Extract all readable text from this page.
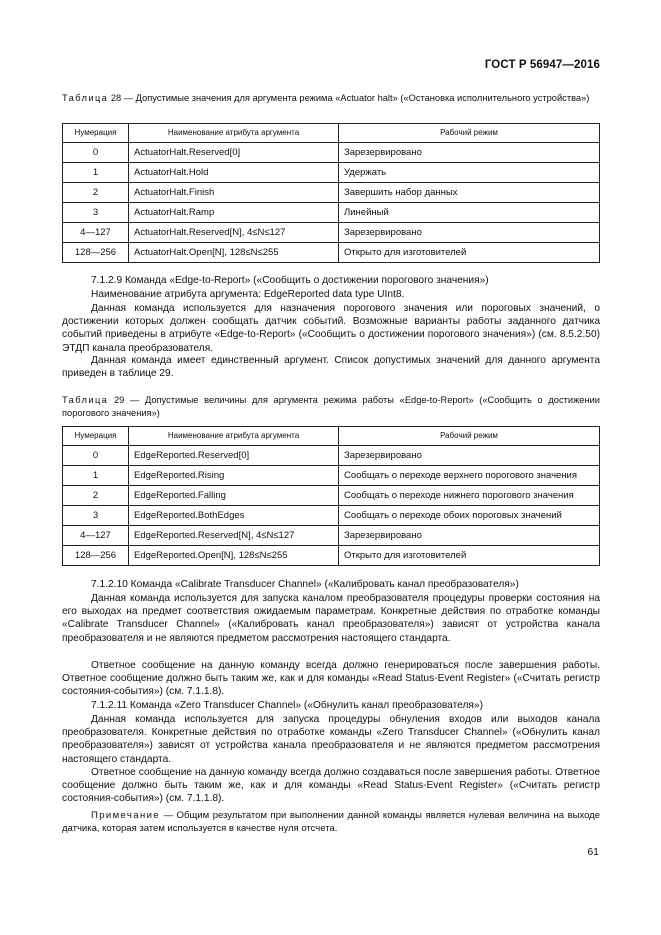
ГОСТ Р 56947—2016
Таблица 28 — Допустимые значения для аргумента режима «Actuator halt» («Остановка исполнительного устройства»)
Нумерация	Наименование атрибута аргумента	Рабочий режим
0	ActuatorHalt.Reserved[0]	Зарезервировано
1	ActuatorHalt.Hold	Удержать
2	ActuatorHalt.Finish	Завершить набор данных
3	ActuatorHalt.Ramp	Линейный
4—127	ActuatorHalt.Reserved[N], 4≤N≤127	Зарезервировано
128—256	ActuatorHalt.Open[N], 128≤N≤255	Открыто для изготовителей

7.1.2.9 Команда «Edge-to-Report» («Сообщить о достижении порогового значения»)

Наименование атрибута аргумента: EdgeReported data type UInt8.

Данная команда используется для назначения порогового значения или пороговых значений, о достижении которых должен сообщать датчик событий. Возможные варианты работы заданного датчика событий приведены в атрибуте «Edge-to-Report» («Сообщить о достижении порогового значения») (см. 8.5.2.50) ЭТДП канала преобразователя.

Данная команда имеет единственный аргумент. Список допустимых значений для данного аргумента приведен в таблице 29.

Таблица 29 — Допустимые величины для аргумента режима работы «Edge-to-Report» («Сообщить о достижении порогового значения»)
Нумерация	Наименование атрибута аргумента	Рабочий режим
0	EdgeReported.Reserved[0]	Зарезервировано
1	EdgeReported.Rising	Сообщать о переходе верхнего порогового значения
2	EdgeReported.Falling	Сообщать о переходе нижнего порогового значения
3	EdgeReported.BothEdges	Сообщать о переходе обоих пороговых значений
4—127	EdgeReported.Reserved[N], 4≤N≤127	Зарезервировано
128—256	EdgeReported.Open[N], 128≤N≤255	Открыто для изготовителей

7.1.2.10 Команда «Calibrate Transducer Channel» («Калибровать канал преобразователя»)

Данная команда используется для запуска каналом преобразователя процедуры проверки состояния на его выходах на предмет соответствия ожидаемым параметрам. Конкретные действия по отработке команды «Calibrate Transducer Channel» («Калибровать канал преобразователя») зависят от устройства канала преобразователя и не являются предметом рассмотрения настоящего стандарта.

Ответное сообщение на данную команду всегда должно генерироваться после завершения работы. Ответное сообщение должно быть таким же, как и для команды «Read Status-Event Register» («Считать регистр состояния-события») (см. 7.1.1.8).

7.1.2.11 Команда «Zero Transducer Channel» («Обнулить канал преобразователя»)

Данная команда используется для запуска процедуры обнуления входов или выходов канала преобразователя. Конкретные действия по отработке команды «Zero Transducer Channel» («Обнулить канал преобразователя») зависят от устройства канала преобразователя и не являются предметом рассмотрения настоящего стандарта.

Ответное сообщение на данную команду всегда должно создаваться после завершения работы. Ответное сообщение должно быть таким же, как и для команды «Read Status-Event Register» («Считать регистр состояния-события») (см. 7.1.1.8).

Примечание — Общим результатом при выполнении данной команды является нулевая величина на выходе датчика, которая затем используется в качестве нуля отсчета.

61
